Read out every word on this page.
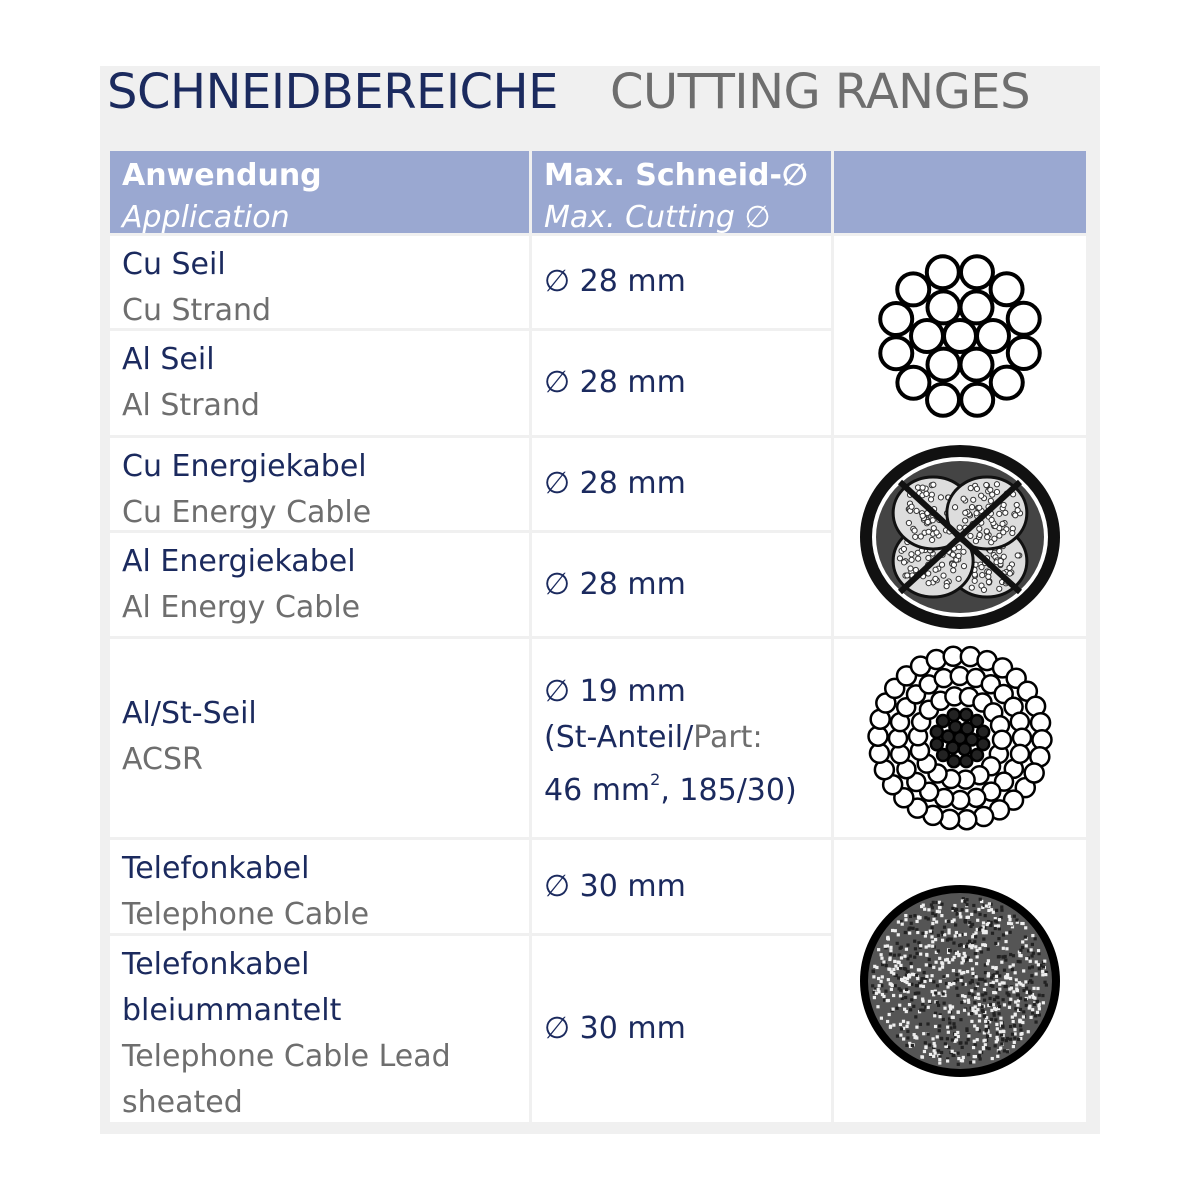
SCHNEIDBEREICHE CUTTING RANGES
Anwendung
Application
Max. Schneid-∅
Max. Cutting ∅
Cu Seil
Cu Strand
∅ 28 mm
Al Seil
Al Strand
∅ 28 mm
Cu Energiekabel
Cu Energy Cable
∅ 28 mm
Al Energiekabel
Al Energy Cable
∅ 28 mm
Al/St-Seil
ACSR
∅ 19 mm
(St-Anteil/Part:
46 $mm^2$, 185/30)
Telefonkabel
Telephone Cable
∅ 30 mm
Telefonkabel
bleiummantelt
Telephone Cable Lead
sheated
∅ 30 mm
